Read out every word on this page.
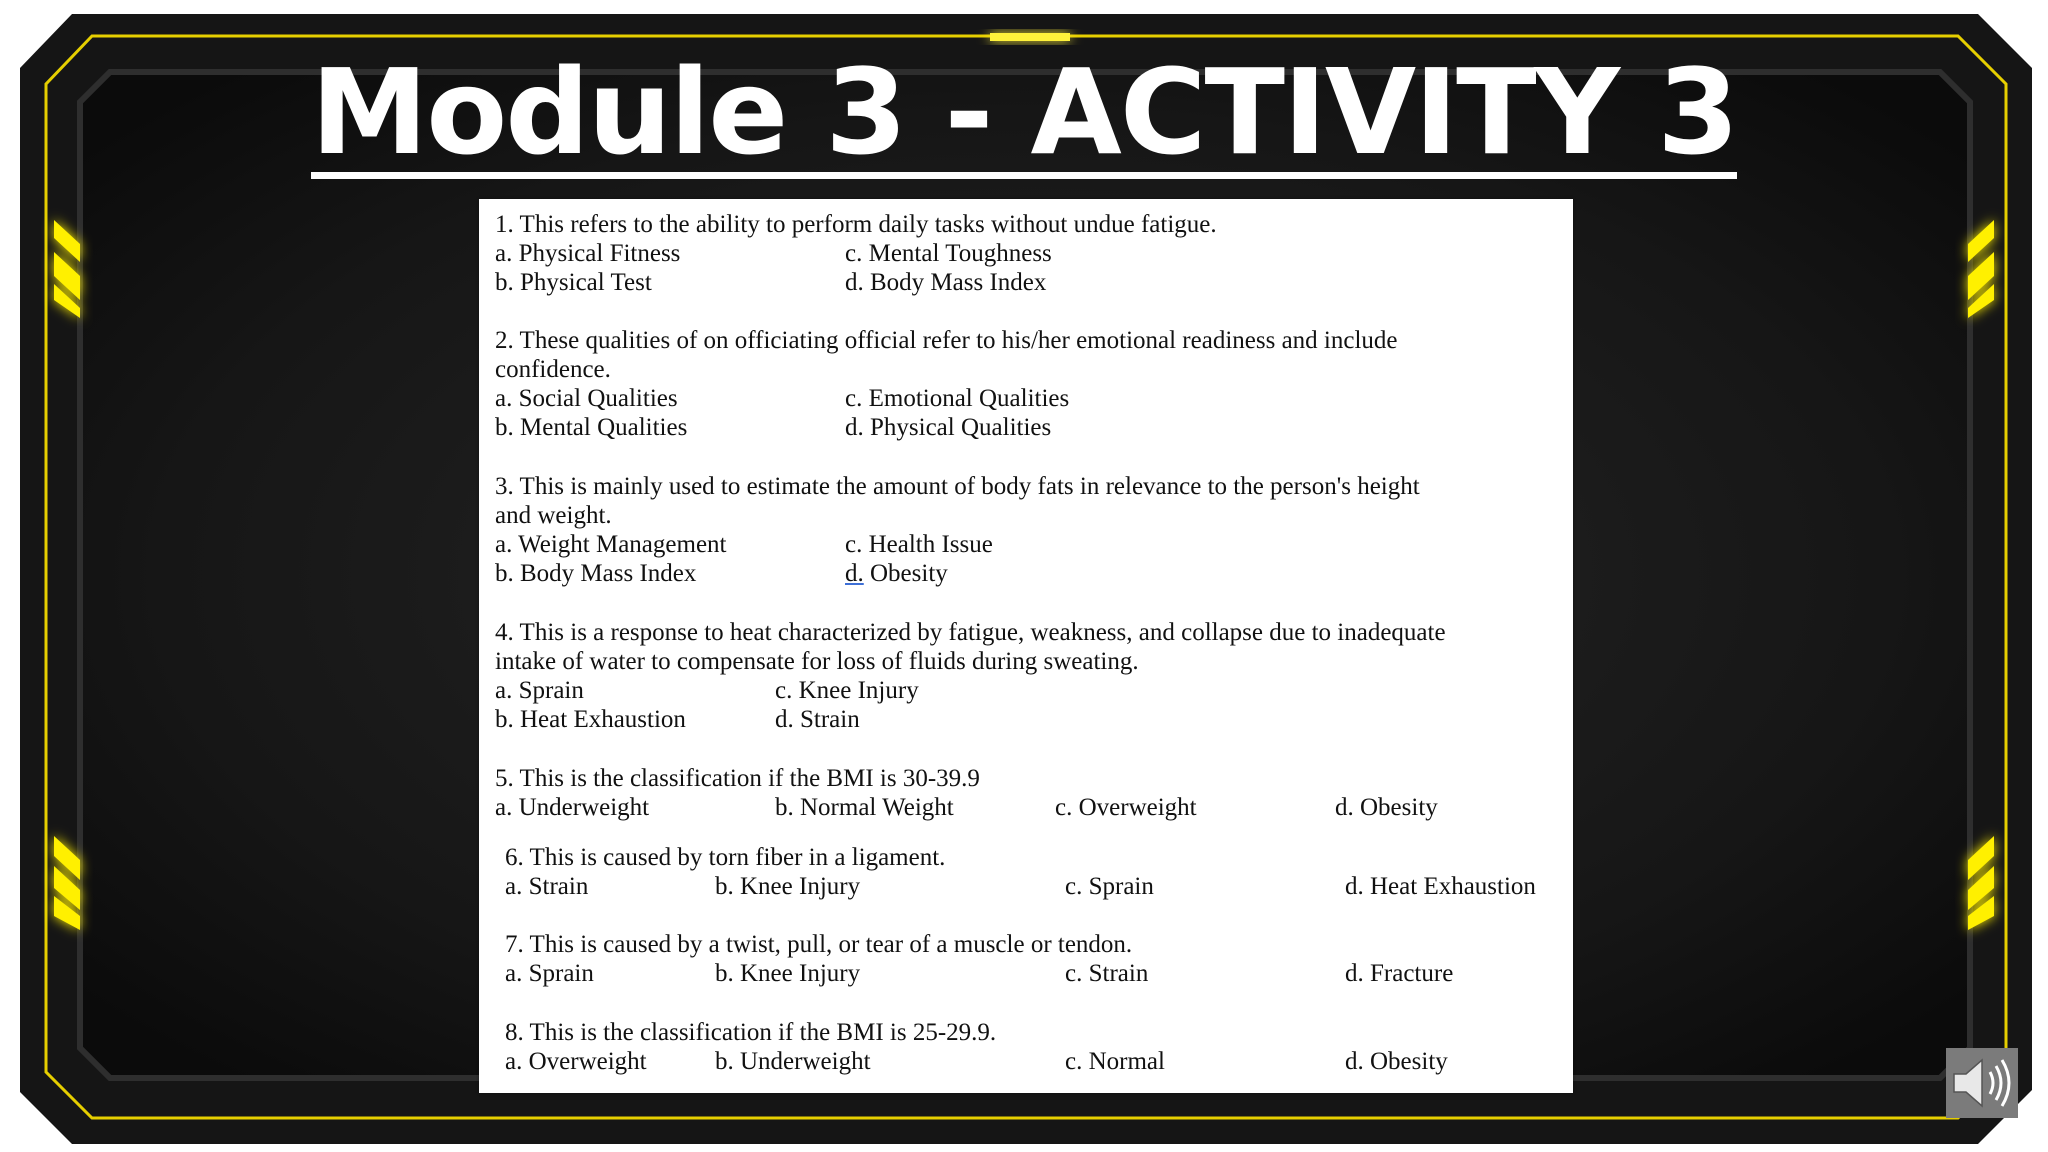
Module 3 - ACTIVITY 3
1. This refers to the ability to perform daily tasks without undue fatigue.
a. Physical Fitness	c. Mental Toughness
b. Physical Test	d. Body Mass Index
2. These qualities of on officiating official refer to his/her emotional readiness and include
confidence.
a. Social Qualities	c. Emotional Qualities
b. Mental Qualities	d. Physical Qualities
3. This is mainly used to estimate the amount of body fats in relevance to the person's height
and weight.
a. Weight Management	c. Health Issue
b. Body Mass Index	d. Obesity
4. This is a response to heat characterized by fatigue, weakness, and collapse due to inadequate
intake of water to compensate for loss of fluids during sweating.
a. Sprain	c. Knee Injury
b. Heat Exhaustion	d. Strain
5. This is the classification if the BMI is 30-39.9
a. Underweight	b. Normal Weight	c. Overweight	d. Obesity
6. This is caused by torn fiber in a ligament.
a. Strain	b. Knee Injury	c. Sprain	d. Heat Exhaustion
7. This is caused by a twist, pull, or tear of a muscle or tendon.
a. Sprain	b. Knee Injury	c. Strain	d. Fracture
8. This is the classification if the BMI is 25-29.9.
a. Overweight	b. Underweight	c. Normal	d. Obesity
